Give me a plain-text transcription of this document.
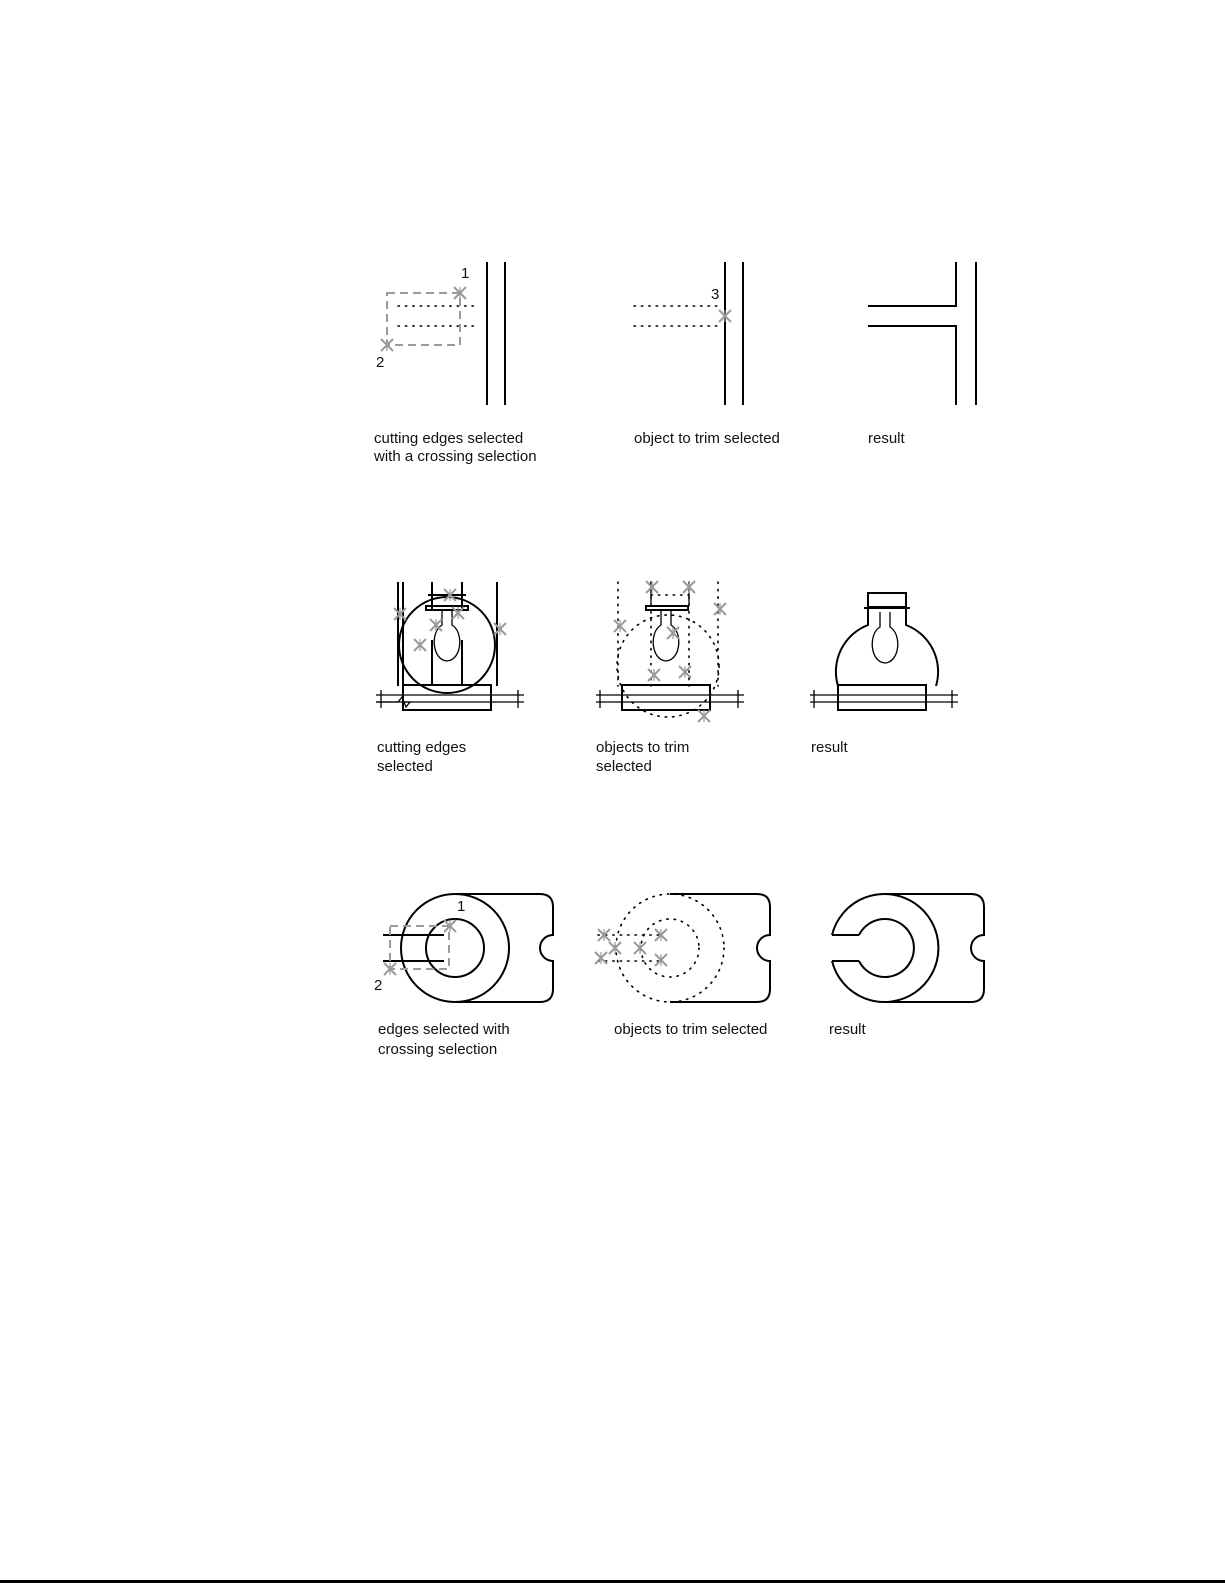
1
2
3
cutting edges selected
with a crossing selection
object to trim selected	result
cutting edges
selected
objects to trim
selected
result
1
2
edges selected with
crossing selection
objects to trim selected	result
